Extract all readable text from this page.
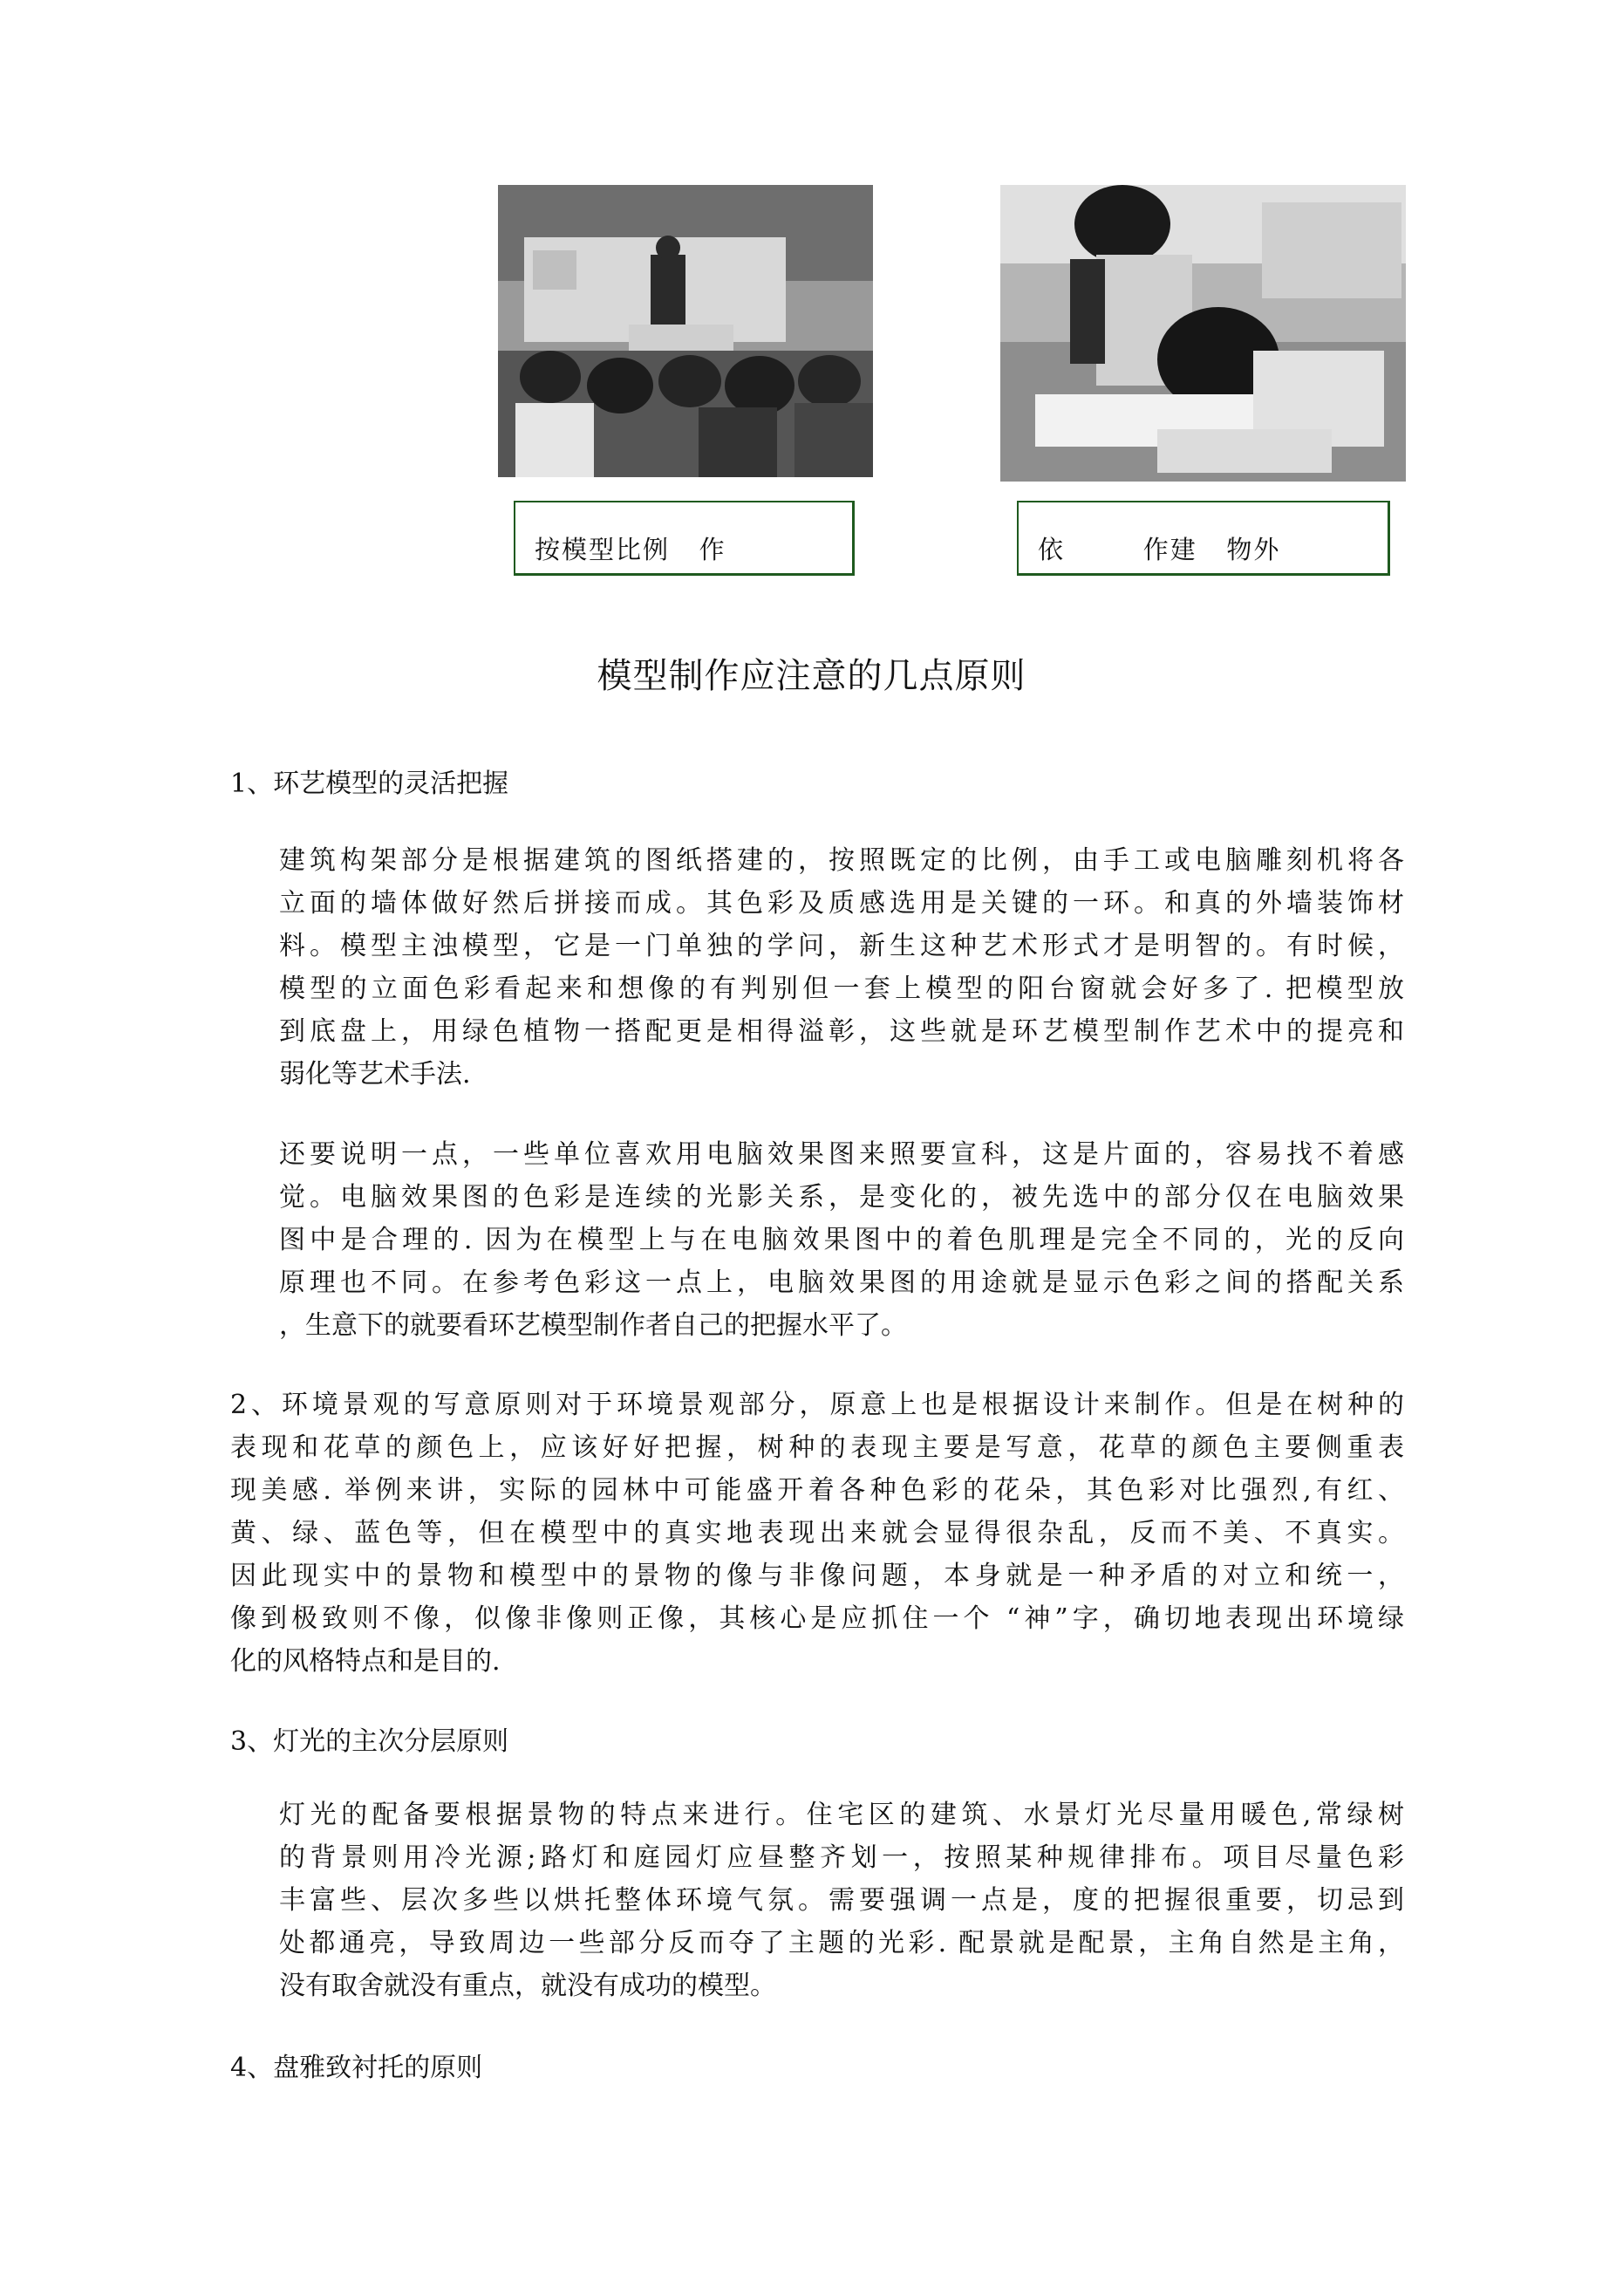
按模型比例   作	依        作建   物外
模型制作应注意的几点原则
1、环艺模型的灵活把握
建筑构架部分是根据建筑的图纸搭建的，按照既定的比例，由手工或电脑雕刻机将各
立面的墙体做好然后拼接而成。其色彩及质感选用是关键的一环。和真的外墙装饰材
料。模型主浊模型，它是一门单独的学问，新生这种艺术形式才是明智的。有时候，
模型的立面色彩看起来和想像的有判别但一套上模型的阳台窗就会好多了. 把模型放
到底盘上，用绿色植物一搭配更是相得溢彰，这些就是环艺模型制作艺术中的提亮和
弱化等艺术手法.
还要说明一点，一些单位喜欢用电脑效果图来照要宣科，这是片面的，容易找不着感
觉。电脑效果图的色彩是连续的光影关系，是变化的，被先选中的部分仅在电脑效果
图中是合理的. 因为在模型上与在电脑效果图中的着色肌理是完全不同的，光的反向
原理也不同。在参考色彩这一点上，电脑效果图的用途就是显示色彩之间的搭配关系
，生意下的就要看环艺模型制作者自己的把握水平了。
2、环境景观的写意原则对于环境景观部分，原意上也是根据设计来制作。但是在树种的
表现和花草的颜色上，应该好好把握，树种的表现主要是写意，花草的颜色主要侧重表
现美感. 举例来讲，实际的园林中可能盛开着各种色彩的花朵，其色彩对比强烈,有红、
黄、绿、蓝色等，但在模型中的真实地表现出来就会显得很杂乱，反而不美、不真实。
因此现实中的景物和模型中的景物的像与非像问题，本身就是一种矛盾的对立和统一，
像到极致则不像，似像非像则正像，其核心是应抓住一个 “神”字，确切地表现出环境绿
化的风格特点和是目的.
3、灯光的主次分层原则
灯光的配备要根据景物的特点来进行。住宅区的建筑、水景灯光尽量用暖色,常绿树
的背景则用冷光源;路灯和庭园灯应昼整齐划一，按照某种规律排布。项目尽量色彩
丰富些、层次多些以烘托整体环境气氛。需要强调一点是，度的把握很重要，切忌到
处都通亮，导致周边一些部分反而夺了主题的光彩. 配景就是配景，主角自然是主角，
没有取舍就没有重点，就没有成功的模型。
4、盘雅致衬托的原则
